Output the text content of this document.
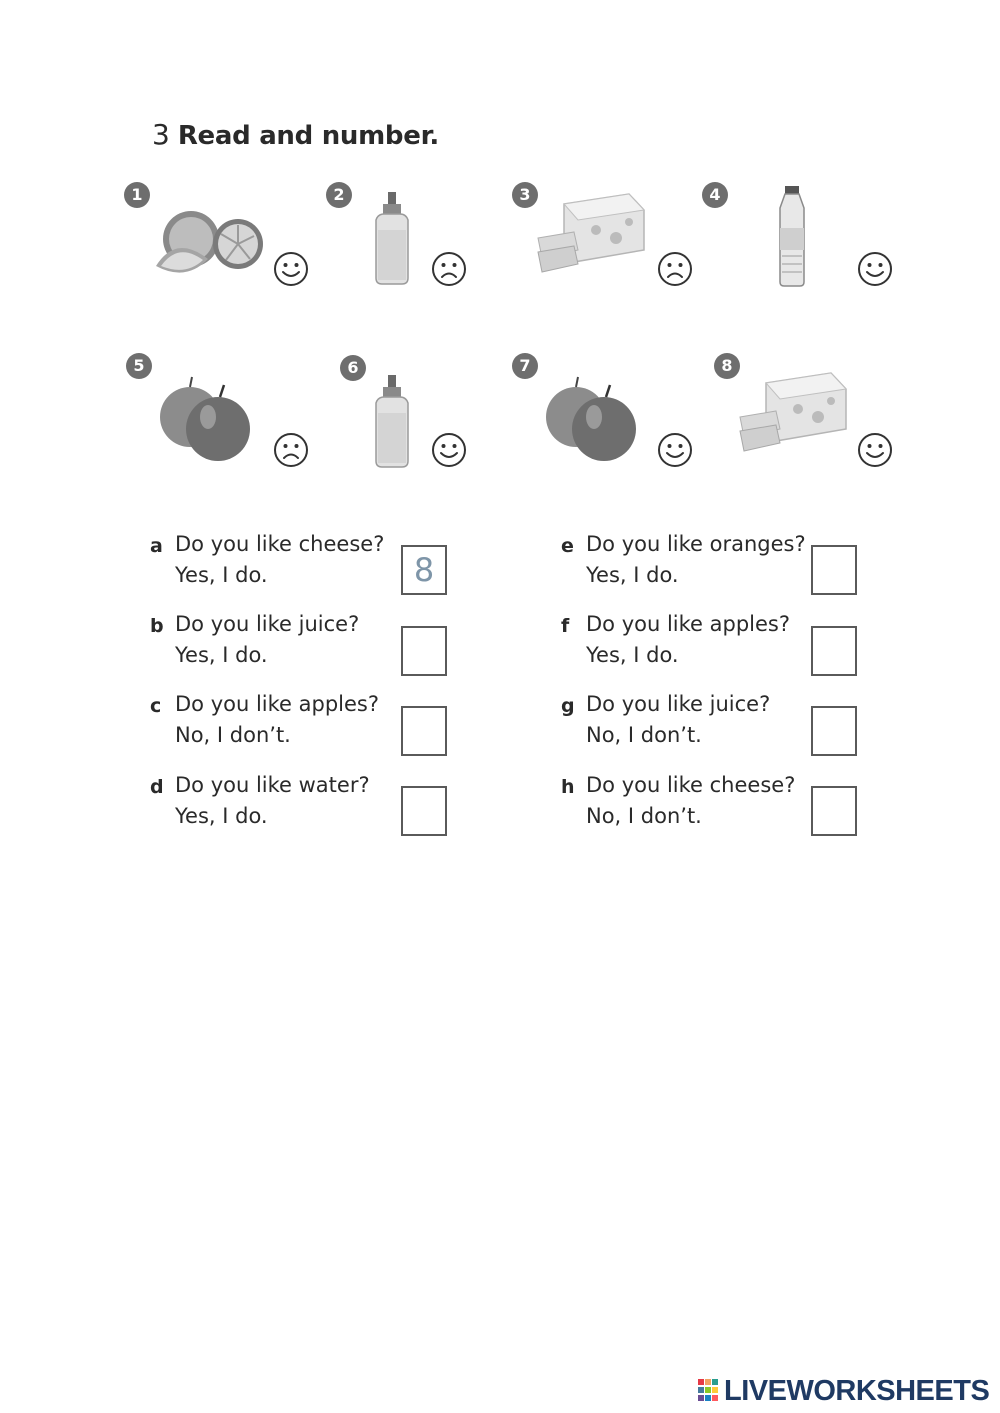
3 Read and number.
1	2	3	4
5	6	7	8
a Do you like cheese?
Yes, I do.	8
b Do you like juice?
Yes, I do.
c Do you like apples?
No, I don’t.
d Do you like water?
Yes, I do.
e Do you like oranges?
Yes, I do.
f Do you like apples?
Yes, I do.
g Do you like juice?
No, I don’t.
h Do you like cheese?
No, I don’t.
LIVEWORKSHEETS
